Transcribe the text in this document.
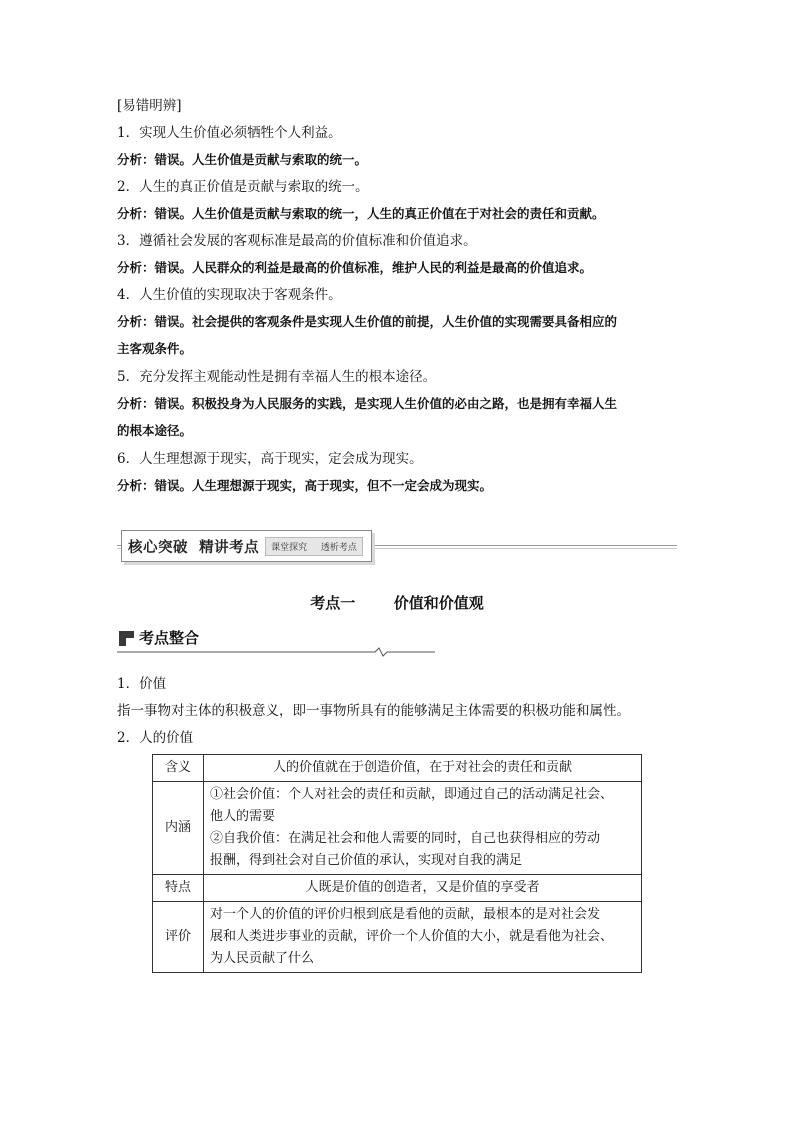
[易错明辨]
1．实现人生价值必须牺牲个人利益。
分析：错误。人生价值是贡献与索取的统一。
2．人生的真正价值是贡献与索取的统一。
分析：错误。人生价值是贡献与索取的统一，人生的真正价值在于对社会的责任和贡献。
3．遵循社会发展的客观标准是最高的价值标准和价值追求。
分析：错误。人民群众的利益是最高的价值标准，维护人民的利益是最高的价值追求。
4．人生价值的实现取决于客观条件。
分析：错误。社会提供的客观条件是实现人生价值的前提，人生价值的实现需要具备相应的
主客观条件。
5．充分发挥主观能动性是拥有幸福人生的根本途径。
分析：错误。积极投身为人民服务的实践，是实现人生价值的必由之路，也是拥有幸福人生
的根本途径。
6．人生理想源于现实，高于现实，定会成为现实。
分析：错误。人生理想源于现实，高于现实，但不一定会成为现实。
核心突破  精讲考点	课堂探究  透析考点
考点一  价值和价值观
考点整合
1．价值
指一事物对主体的积极意义，即一事物所具有的能够满足主体需要的积极功能和属性。
2．人的价值
含义	人的价值就在于创造价值，在于对社会的责任和贡献

内涵	①社会价值：个人对社会的责任和贡献，即通过自己的活动满足社会、
他人的需要
②自我价值：在满足社会和他人需要的同时，自己也获得相应的劳动
报酬，得到社会对自己价值的承认，实现对自我的满足

特点	人既是价值的创造者，又是价值的享受者

评价	对一个人的价值的评价归根到底是看他的贡献，最根本的是对社会发
展和人类进步事业的贡献，评价一个人价值的大小，就是看他为社会、
为人民贡献了什么
